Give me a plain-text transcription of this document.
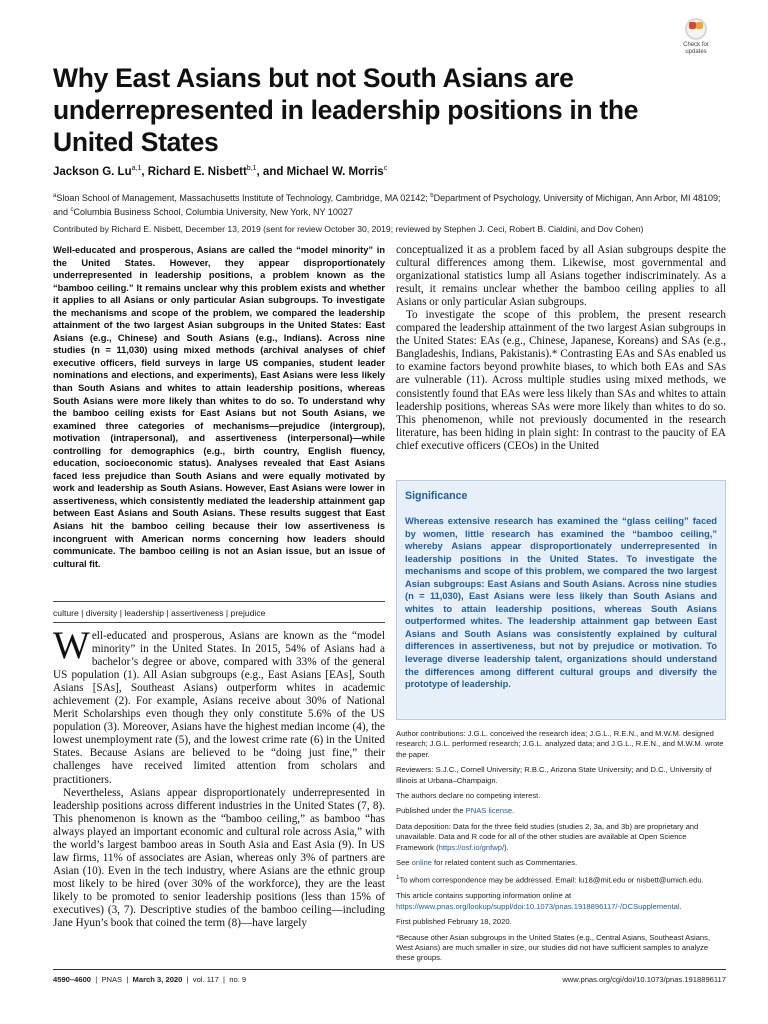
Check for
updates
Why East Asians but not South Asians are underrepresented in leadership positions in the United States
Jackson G. Lu$^{a,1}$, Richard E. Nisbett$^{b,1}$, and Michael W. Morris$^c$
$^a$Sloan School of Management, Massachusetts Institute of Technology, Cambridge, MA 02142; $^b$Department of Psychology, University of Michigan, Ann Arbor, MI 48109; and $^c$Columbia Business School, Columbia University, New York, NY 10027
Contributed by Richard E. Nisbett, December 13, 2019 (sent for review October 30, 2019; reviewed by Stephen J. Ceci, Robert B. Cialdini, and Dov Cohen)
Well-educated and prosperous, Asians are called the “model minority” in the United States. However, they appear disproportionately underrepresented in leadership positions, a problem known as the “bamboo ceiling.” It remains unclear why this problem exists and whether it applies to all Asians or only particular Asian subgroups. To investigate the mechanisms and scope of the problem, we compared the leadership attainment of the two largest Asian subgroups in the United States: East Asians (e.g., Chinese) and South Asians (e.g., Indians). Across nine studies (n = 11,030) using mixed methods (archival analyses of chief executive officers, field surveys in large US companies, student leader nominations and elections, and experiments), East Asians were less likely than South Asians and whites to attain leadership positions, whereas South Asians were more likely than whites to do so. To understand why the bamboo ceiling exists for East Asians but not South Asians, we examined three categories of mechanisms—prejudice (intergroup), motivation (intrapersonal), and assertiveness (interpersonal)—while controlling for demographics (e.g., birth country, English fluency, education, socioeconomic status). Analyses revealed that East Asians faced less prejudice than South Asians and were equally motivated by work and leadership as South Asians. However, East Asians were lower in assertiveness, which consistently mediated the leadership attainment gap between East Asians and South Asians. These results suggest that East Asians hit the bamboo ceiling because their low assertiveness is incongruent with American norms concerning how leaders should communicate. The bamboo ceiling is not an Asian issue, but an issue of cultural fit.
culture | diversity | leadership | assertiveness | prejudice

Well-educated and prosperous, Asians are known as the “model minority” in the United States. In 2015, 54% of Asians had a bachelor’s degree or above, compared with 33% of the general US population (1). All Asian subgroups (e.g., East Asians [EAs], South Asians [SAs], Southeast Asians) outperform whites in academic achievement (2). For example, Asians receive about 30% of National Merit Scholarships even though they only constitute 5.6% of the US population (3). Moreover, Asians have the highest median income (4), the lowest unemployment rate (5), and the lowest crime rate (6) in the United States. Because Asians are believed to be “doing just fine,” their challenges have received limited attention from scholars and practitioners.

Nevertheless, Asians appear disproportionately underrepresented in leadership positions across different industries in the United States (7, 8). This phenomenon is known as the “bamboo ceiling,” as bamboo “has always played an important economic and cultural role across Asia,” with the world’s largest bamboo areas in South Asia and East Asia (9). In US law firms, 11% of associates are Asian, whereas only 3% of partners are Asian (10). Even in the tech industry, where Asians are the ethnic group most likely to be hired (over 30% of the workforce), they are the least likely to be promoted to senior leadership positions (less than 15% of executives) (3, 7). Descriptive studies of the bamboo ceiling—including Jane Hyun’s book that coined the term (8)—have largely

conceptualized it as a problem faced by all Asian subgroups despite the cultural differences among them. Likewise, most governmental and organizational statistics lump all Asians together indiscriminately. As a result, it remains unclear whether the bamboo ceiling applies to all Asians or only particular Asian subgroups.

To investigate the scope of this problem, the present research compared the leadership attainment of the two largest Asian subgroups in the United States: EAs (e.g., Chinese, Japanese, Koreans) and SAs (e.g., Bangladeshis, Indians, Pakistanis).* Contrasting EAs and SAs enabled us to examine factors beyond prowhite biases, to which both EAs and SAs are vulnerable (11). Across multiple studies using mixed methods, we consistently found that EAs were less likely than SAs and whites to attain leadership positions, whereas SAs were more likely than whites to do so. This phenomenon, while not previously documented in the research literature, has been hiding in plain sight: In contrast to the paucity of EA chief executive officers (CEOs) in the United

Significance
Whereas extensive research has examined the “glass ceiling” faced by women, little research has examined the “bamboo ceiling,” whereby Asians appear disproportionately underrepresented in leadership positions in the United States. To investigate the mechanisms and scope of this problem, we compared the two largest Asian subgroups: East Asians and South Asians. Across nine studies (n = 11,030), East Asians were less likely than South Asians and whites to attain leadership positions, whereas South Asians outperformed whites. The leadership attainment gap between East Asians and South Asians was consistently explained by cultural differences in assertiveness, but not by prejudice or motivation. To leverage diverse leadership talent, organizations should understand the differences among different cultural groups and diversify the prototype of leadership.

Author contributions: J.G.L. conceived the research idea; J.G.L., R.E.N., and M.W.M. designed research; J.G.L. performed research; J.G.L. analyzed data; and J.G.L., R.E.N., and M.W.M. wrote the paper.

Reviewers: S.J.C., Cornell University; R.B.C., Arizona State University; and D.C., University of Illinois at Urbana–Champaign.

The authors declare no competing interest.

Published under the PNAS license.

Data deposition: Data for the three field studies (studies 2, 3a, and 3b) are proprietary and unavailable. Data and R code for all of the other studies are available at Open Science Framework (https://osf.io/gnfwp/).

See online for related content such as Commentaries.

$^1$To whom correspondence may be addressed. Email: lu18@mit.edu or nisbett@umich.edu.

This article contains supporting information online at https://www.pnas.org/lookup/suppl/doi:10.1073/pnas.1918896117/-/DCSupplemental.

First published February 18, 2020.

*Because other Asian subgroups in the United States (e.g., Central Asians, Southeast Asians, West Asians) are much smaller in size, our studies did not have sufficient samples to analyze these groups.

4590–4600  |  PNAS  |  March 3, 2020  |  vol. 117  |  no. 9	www.pnas.org/cgi/doi/10.1073/pnas.1918896117
